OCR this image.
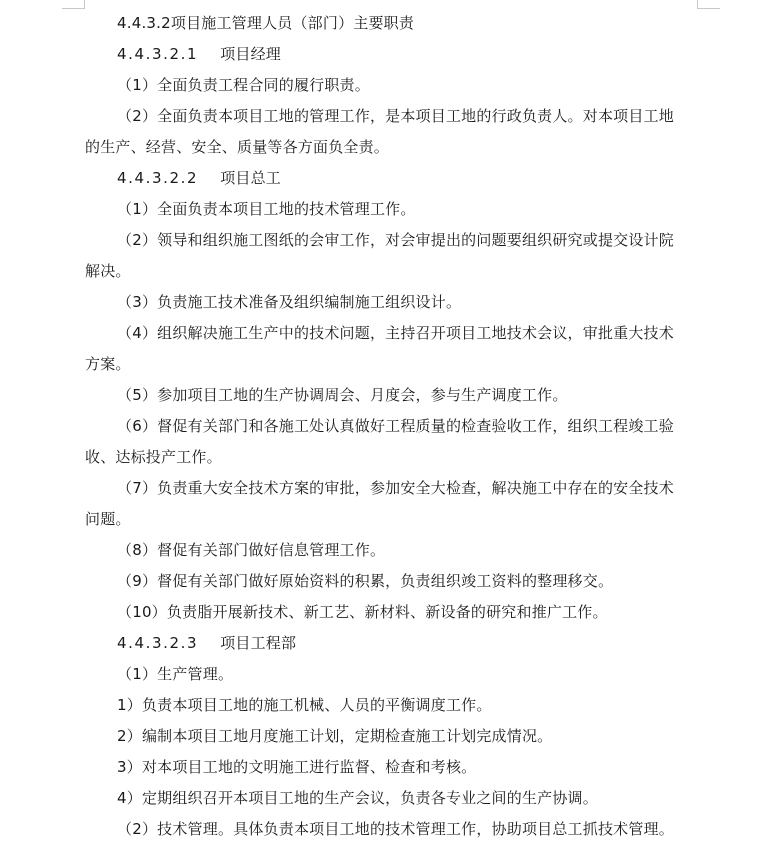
4.4.3.2项目施工管理人员（部门）主要职责
4.4.3.2.1 项目经理
（1）全面负责工程合同的履行职责。
（2）全面负责本项目工地的管理工作，是本项目工地的行政负责人。对本项目工地
的生产、经营、安全、质量等各方面负全责。
4.4.3.2.2 项目总工
（1）全面负责本项目工地的技术管理工作。
（2）领导和组织施工图纸的会审工作，对会审提出的问题要组织研究或提交设计院
解决。
（3）负责施工技术准备及组织编制施工组织设计。
（4）组织解决施工生产中的技术问题，主持召开项目工地技术会议，审批重大技术
方案。
（5）参加项目工地的生产协调周会、月度会，参与生产调度工作。
（6）督促有关部门和各施工处认真做好工程质量的检查验收工作，组织工程竣工验
收、达标投产工作。
（7）负责重大安全技术方案的审批，参加安全大检查，解决施工中存在的安全技术
问题。
（8）督促有关部门做好信息管理工作。
（9）督促有关部门做好原始资料的积累，负责组织竣工资料的整理移交。
（10）负责脂开展新技术、新工艺、新材料、新设备的研究和推广工作。
4.4.3.2.3 项目工程部
（1）生产管理。
1）负责本项目工地的施工机械、人员的平衡调度工作。
2）编制本项目工地月度施工计划，定期检查施工计划完成情况。
3）对本项目工地的文明施工进行监督、检查和考核。
4）定期组织召开本项目工地的生产会议，负责各专业之间的生产协调。
（2）技术管理。具体负责本项目工地的技术管理工作，协助项目总工抓技术管理。
